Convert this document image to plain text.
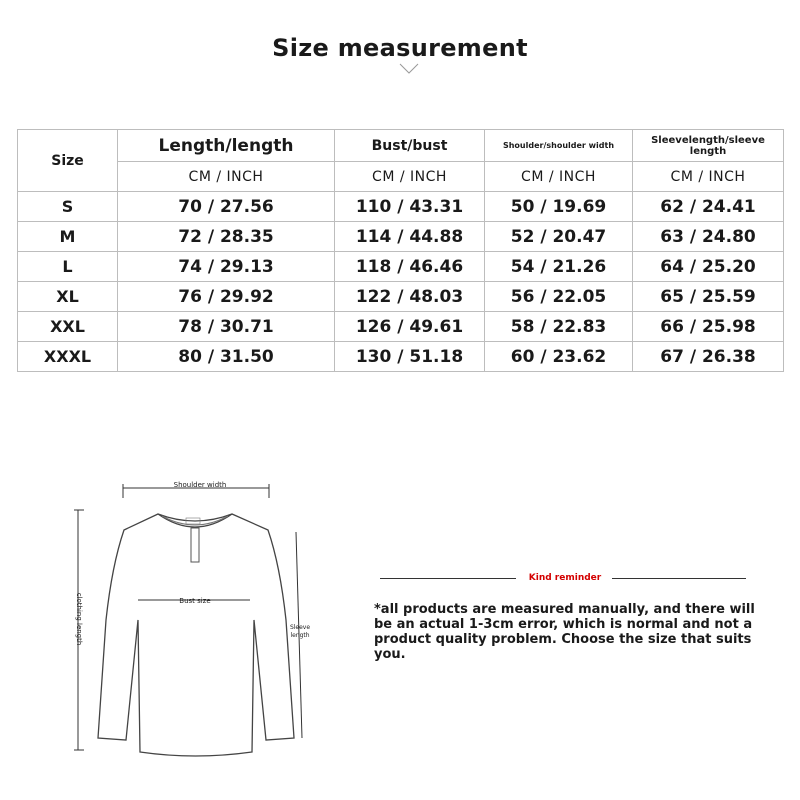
Size measurement
Size	Length/length	Bust/bust	Shoulder/shoulder width	Sleevelength/sleeve length
	CM / INCH	CM / INCH	CM / INCH	CM / INCH
S	70 / 27.56	110 / 43.31	50 / 19.69	62 / 24.41
M	72 / 28.35	114 / 44.88	52 / 20.47	63 / 24.80
L	74 / 29.13	118 / 46.46	54 / 21.26	64 / 25.20
XL	76 / 29.92	122 / 48.03	56 / 22.05	65 / 25.59
XXL	78 / 30.71	126 / 49.61	58 / 22.83	66 / 25.98
XXXL	80 / 31.50	130 / 51.18	60 / 23.62	67 / 26.38
Shoulder width
Bust size
clothing length	Sleeve length
Kind reminder
*all products are measured manually, and there will be an actual 1-3cm error, which is normal and not a product quality problem. Choose the size that suits you.
